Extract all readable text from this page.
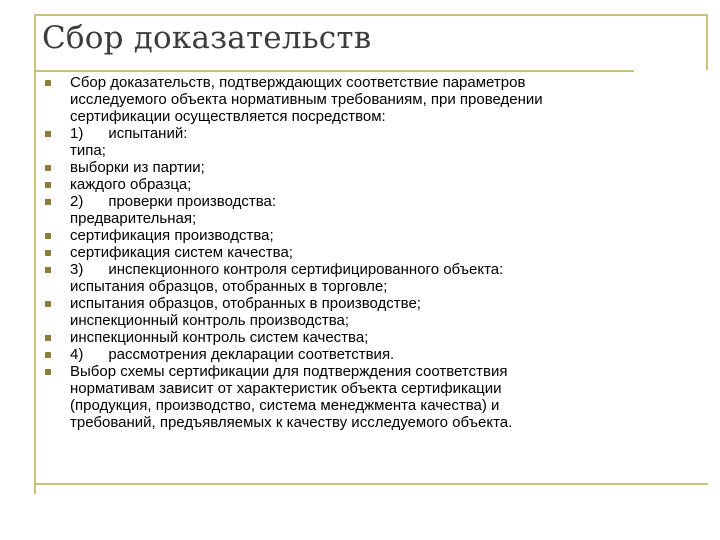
Сбор доказательств
Сбор доказательств, подтверждающих соответствие параметров
исследуемого объекта нормативным требованиям, при проведении
сертификации осуществляется посредством:
1)      испытаний:
типа;
выборки из партии;
каждого образца;
2)      проверки производства:
предварительная;
сертификация производства;
сертификация систем качества;
3)      инспекционного контроля сертифицированного объекта:
испытания образцов, отобранных в торговле;
испытания образцов, отобранных в производстве;
инспекционный контроль производства;
инспекционный контроль систем качества;
4)      рассмотрения декларации соответствия.
Выбор схемы сертификации для подтверждения соответствия
нормативам зависит от характеристик объекта сертификации
(продукция, производство, система менеджмента качества) и
требований, предъявляемых к качеству исследуемого объекта.
